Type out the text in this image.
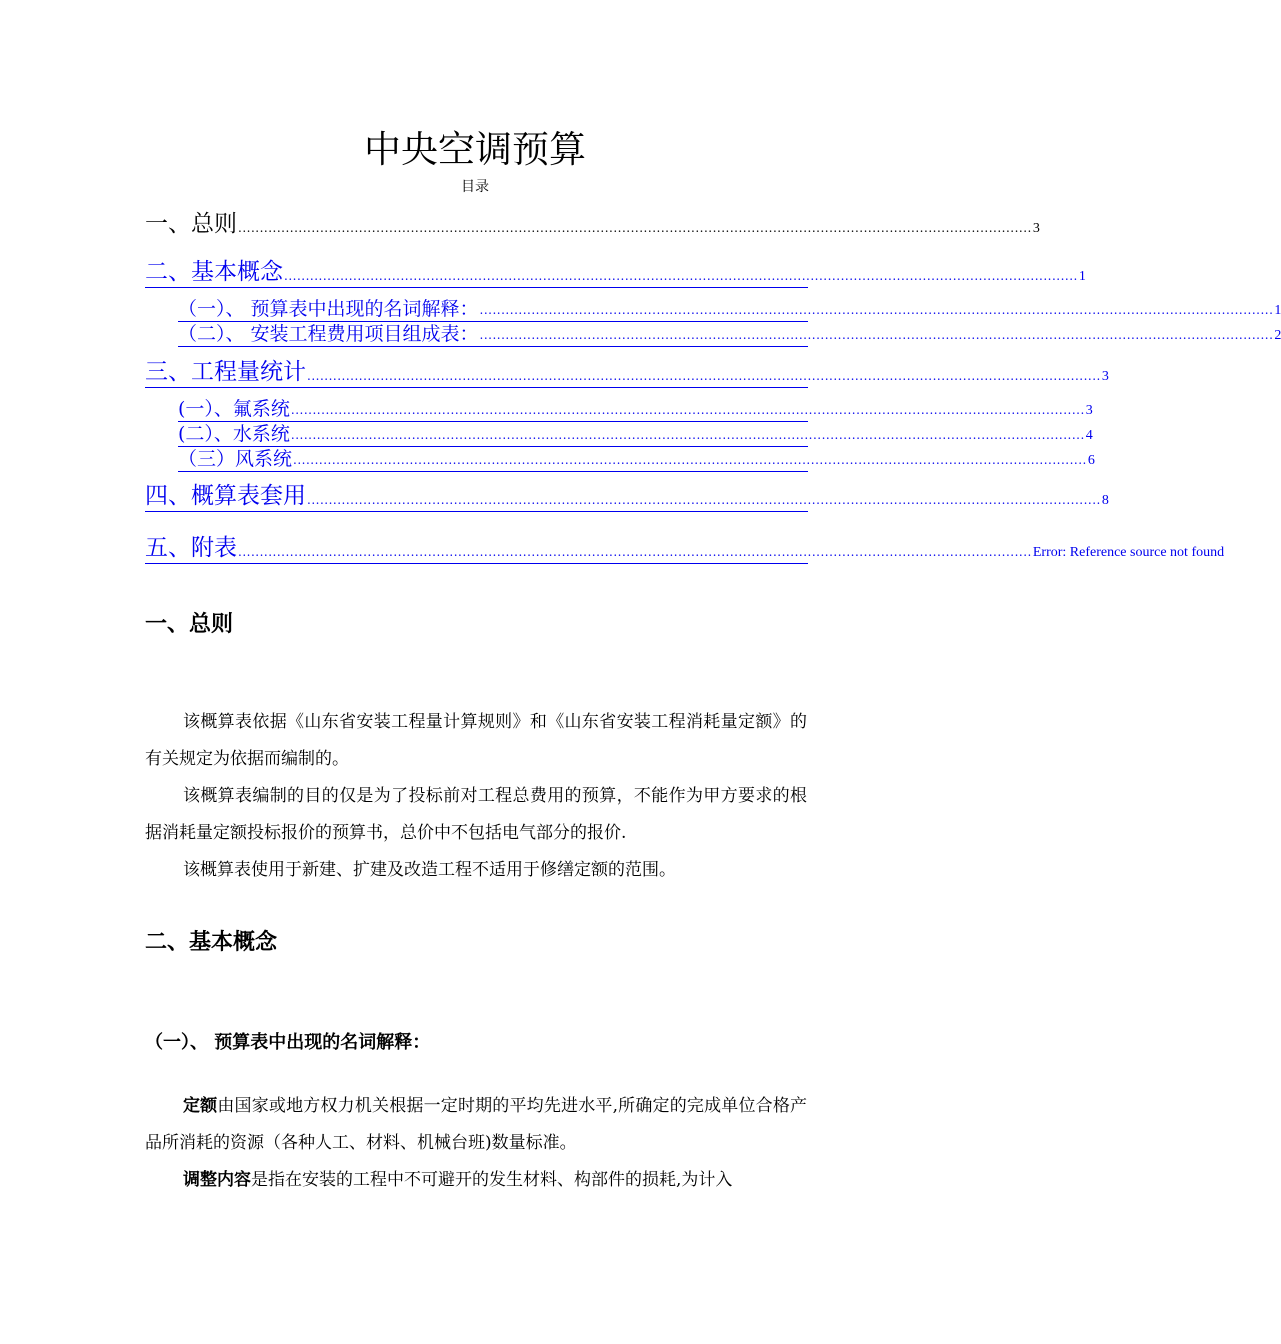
中央空调预算
目录
一、总则 ........................................................................................................................................................................................ 3
二、基本概念 ........................................................................................................................................................................................ 1
（一）、 预算表中出现的名词解释： ........................................................................................................................................................................................ 1
（二）、 安装工程费用项目组成表： ........................................................................................................................................................................................ 2
三、工程量统计 ........................................................................................................................................................................................ 3
(一）、氟系统 ........................................................................................................................................................................................ 3
(二）、水系统 ........................................................................................................................................................................................ 4
（三）风系统 ........................................................................................................................................................................................ 6
四、概算表套用 ........................................................................................................................................................................................ 8
五、附表 ........................................................................................................................................................................................ Error: Reference source not found
一、总则

该概算表依据《山东省安装工程量计算规则》和《山东省安装工程消耗量定额》的有关规定为依据而编制的。

该概算表编制的目的仅是为了投标前对工程总费用的预算，不能作为甲方要求的根据消耗量定额投标报价的预算书，总价中不包括电气部分的报价.

该概算表使用于新建、扩建及改造工程不适用于修缮定额的范围。

二、基本概念
（一）、 预算表中出现的名词解释：

定额由国家或地方权力机关根据一定时期的平均先进水平,所确定的完成单位合格产品所消耗的资源（各种人工、材料、机械台班)数量标准。

调整内容是指在安装的工程中不可避开的发生材料、构部件的损耗,为计入
